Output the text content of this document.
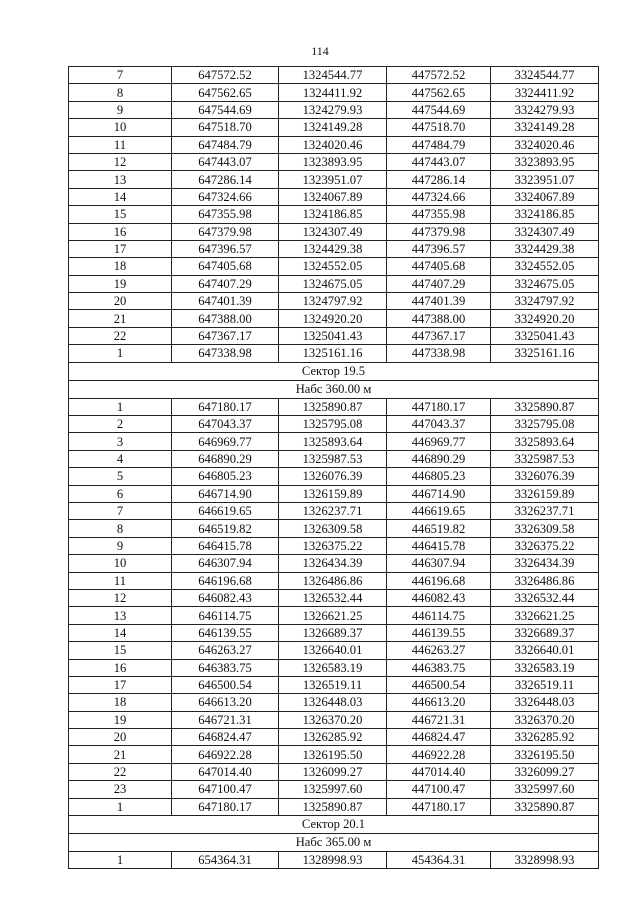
114
7	647572.52	1324544.77	447572.52	3324544.77
8	647562.65	1324411.92	447562.65	3324411.92
9	647544.69	1324279.93	447544.69	3324279.93
10	647518.70	1324149.28	447518.70	3324149.28
11	647484.79	1324020.46	447484.79	3324020.46
12	647443.07	1323893.95	447443.07	3323893.95
13	647286.14	1323951.07	447286.14	3323951.07
14	647324.66	1324067.89	447324.66	3324067.89
15	647355.98	1324186.85	447355.98	3324186.85
16	647379.98	1324307.49	447379.98	3324307.49
17	647396.57	1324429.38	447396.57	3324429.38
18	647405.68	1324552.05	447405.68	3324552.05
19	647407.29	1324675.05	447407.29	3324675.05
20	647401.39	1324797.92	447401.39	3324797.92
21	647388.00	1324920.20	447388.00	3324920.20
22	647367.17	1325041.43	447367.17	3325041.43
1	647338.98	1325161.16	447338.98	3325161.16
Сектор 19.5				
Набс 360.00 м				
1	647180.17	1325890.87	447180.17	3325890.87
2	647043.37	1325795.08	447043.37	3325795.08
3	646969.77	1325893.64	446969.77	3325893.64
4	646890.29	1325987.53	446890.29	3325987.53
5	646805.23	1326076.39	446805.23	3326076.39
6	646714.90	1326159.89	446714.90	3326159.89
7	646619.65	1326237.71	446619.65	3326237.71
8	646519.82	1326309.58	446519.82	3326309.58
9	646415.78	1326375.22	446415.78	3326375.22
10	646307.94	1326434.39	446307.94	3326434.39
11	646196.68	1326486.86	446196.68	3326486.86
12	646082.43	1326532.44	446082.43	3326532.44
13	646114.75	1326621.25	446114.75	3326621.25
14	646139.55	1326689.37	446139.55	3326689.37
15	646263.27	1326640.01	446263.27	3326640.01
16	646383.75	1326583.19	446383.75	3326583.19
17	646500.54	1326519.11	446500.54	3326519.11
18	646613.20	1326448.03	446613.20	3326448.03
19	646721.31	1326370.20	446721.31	3326370.20
20	646824.47	1326285.92	446824.47	3326285.92
21	646922.28	1326195.50	446922.28	3326195.50
22	647014.40	1326099.27	447014.40	3326099.27
23	647100.47	1325997.60	447100.47	3325997.60
1	647180.17	1325890.87	447180.17	3325890.87
Сектор 20.1				
Набс 365.00 м				
1	654364.31	1328998.93	454364.31	3328998.93
